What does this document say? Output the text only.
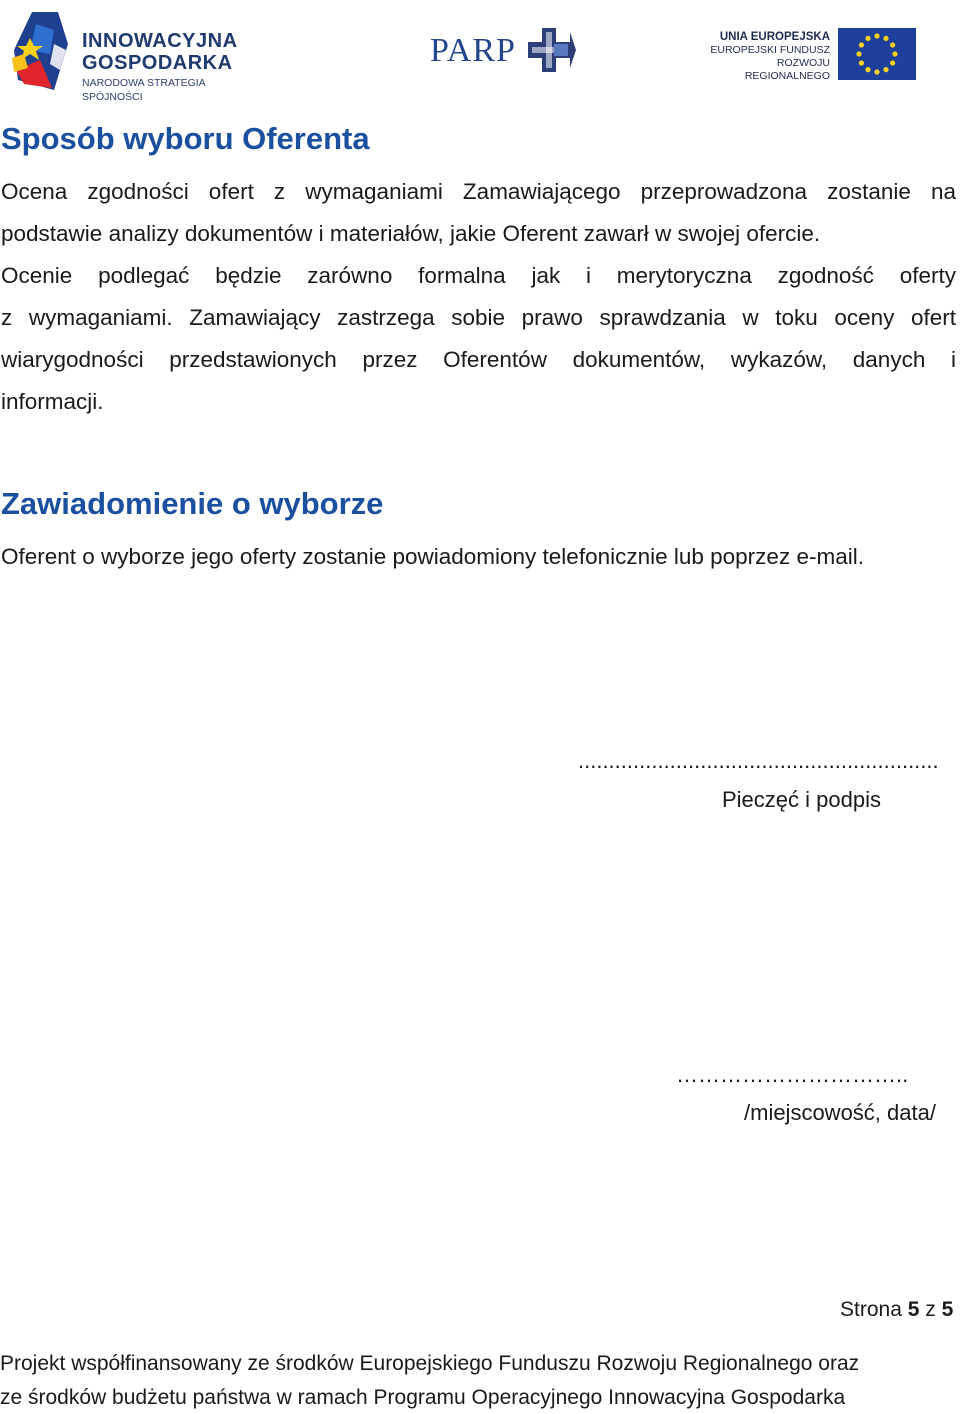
INNOWACYJNA
GOSPODARKA
NARODOWA STRATEGIA SPÓJNOŚCI
PARP	UNIA EUROPEJSKA
EUROPEJSKI FUNDUSZ
ROZWOJU REGIONALNEGO
Sposób wyboru Oferenta

Ocena zgodności ofert z wymaganiami Zamawiającego przeprowadzona zostanie na
podstawie analizy dokumentów i materiałów, jakie Oferent zawarł w swojej ofercie.
Ocenie podlegać będzie zarówno formalna jak i merytoryczna zgodność oferty
z wymaganiami. Zamawiający zastrzega sobie prawo sprawdzania w toku oceny ofert
wiarygodności przedstawionych przez Oferentów dokumentów, wykazów, danych i
informacji.

Zawiadomienie o wyborze

Oferent o wyborze jego oferty zostanie powiadomiony telefonicznie lub poprzez e-mail.

...........................................................
Pieczęć i podpis
…………………………..
/miejscowość, data/
Strona 5 z 5
Projekt współfinansowany ze środków Europejskiego Funduszu Rozwoju Regionalnego oraz
ze środków budżetu państwa w ramach Programu Operacyjnego Innowacyjna Gospodarka
